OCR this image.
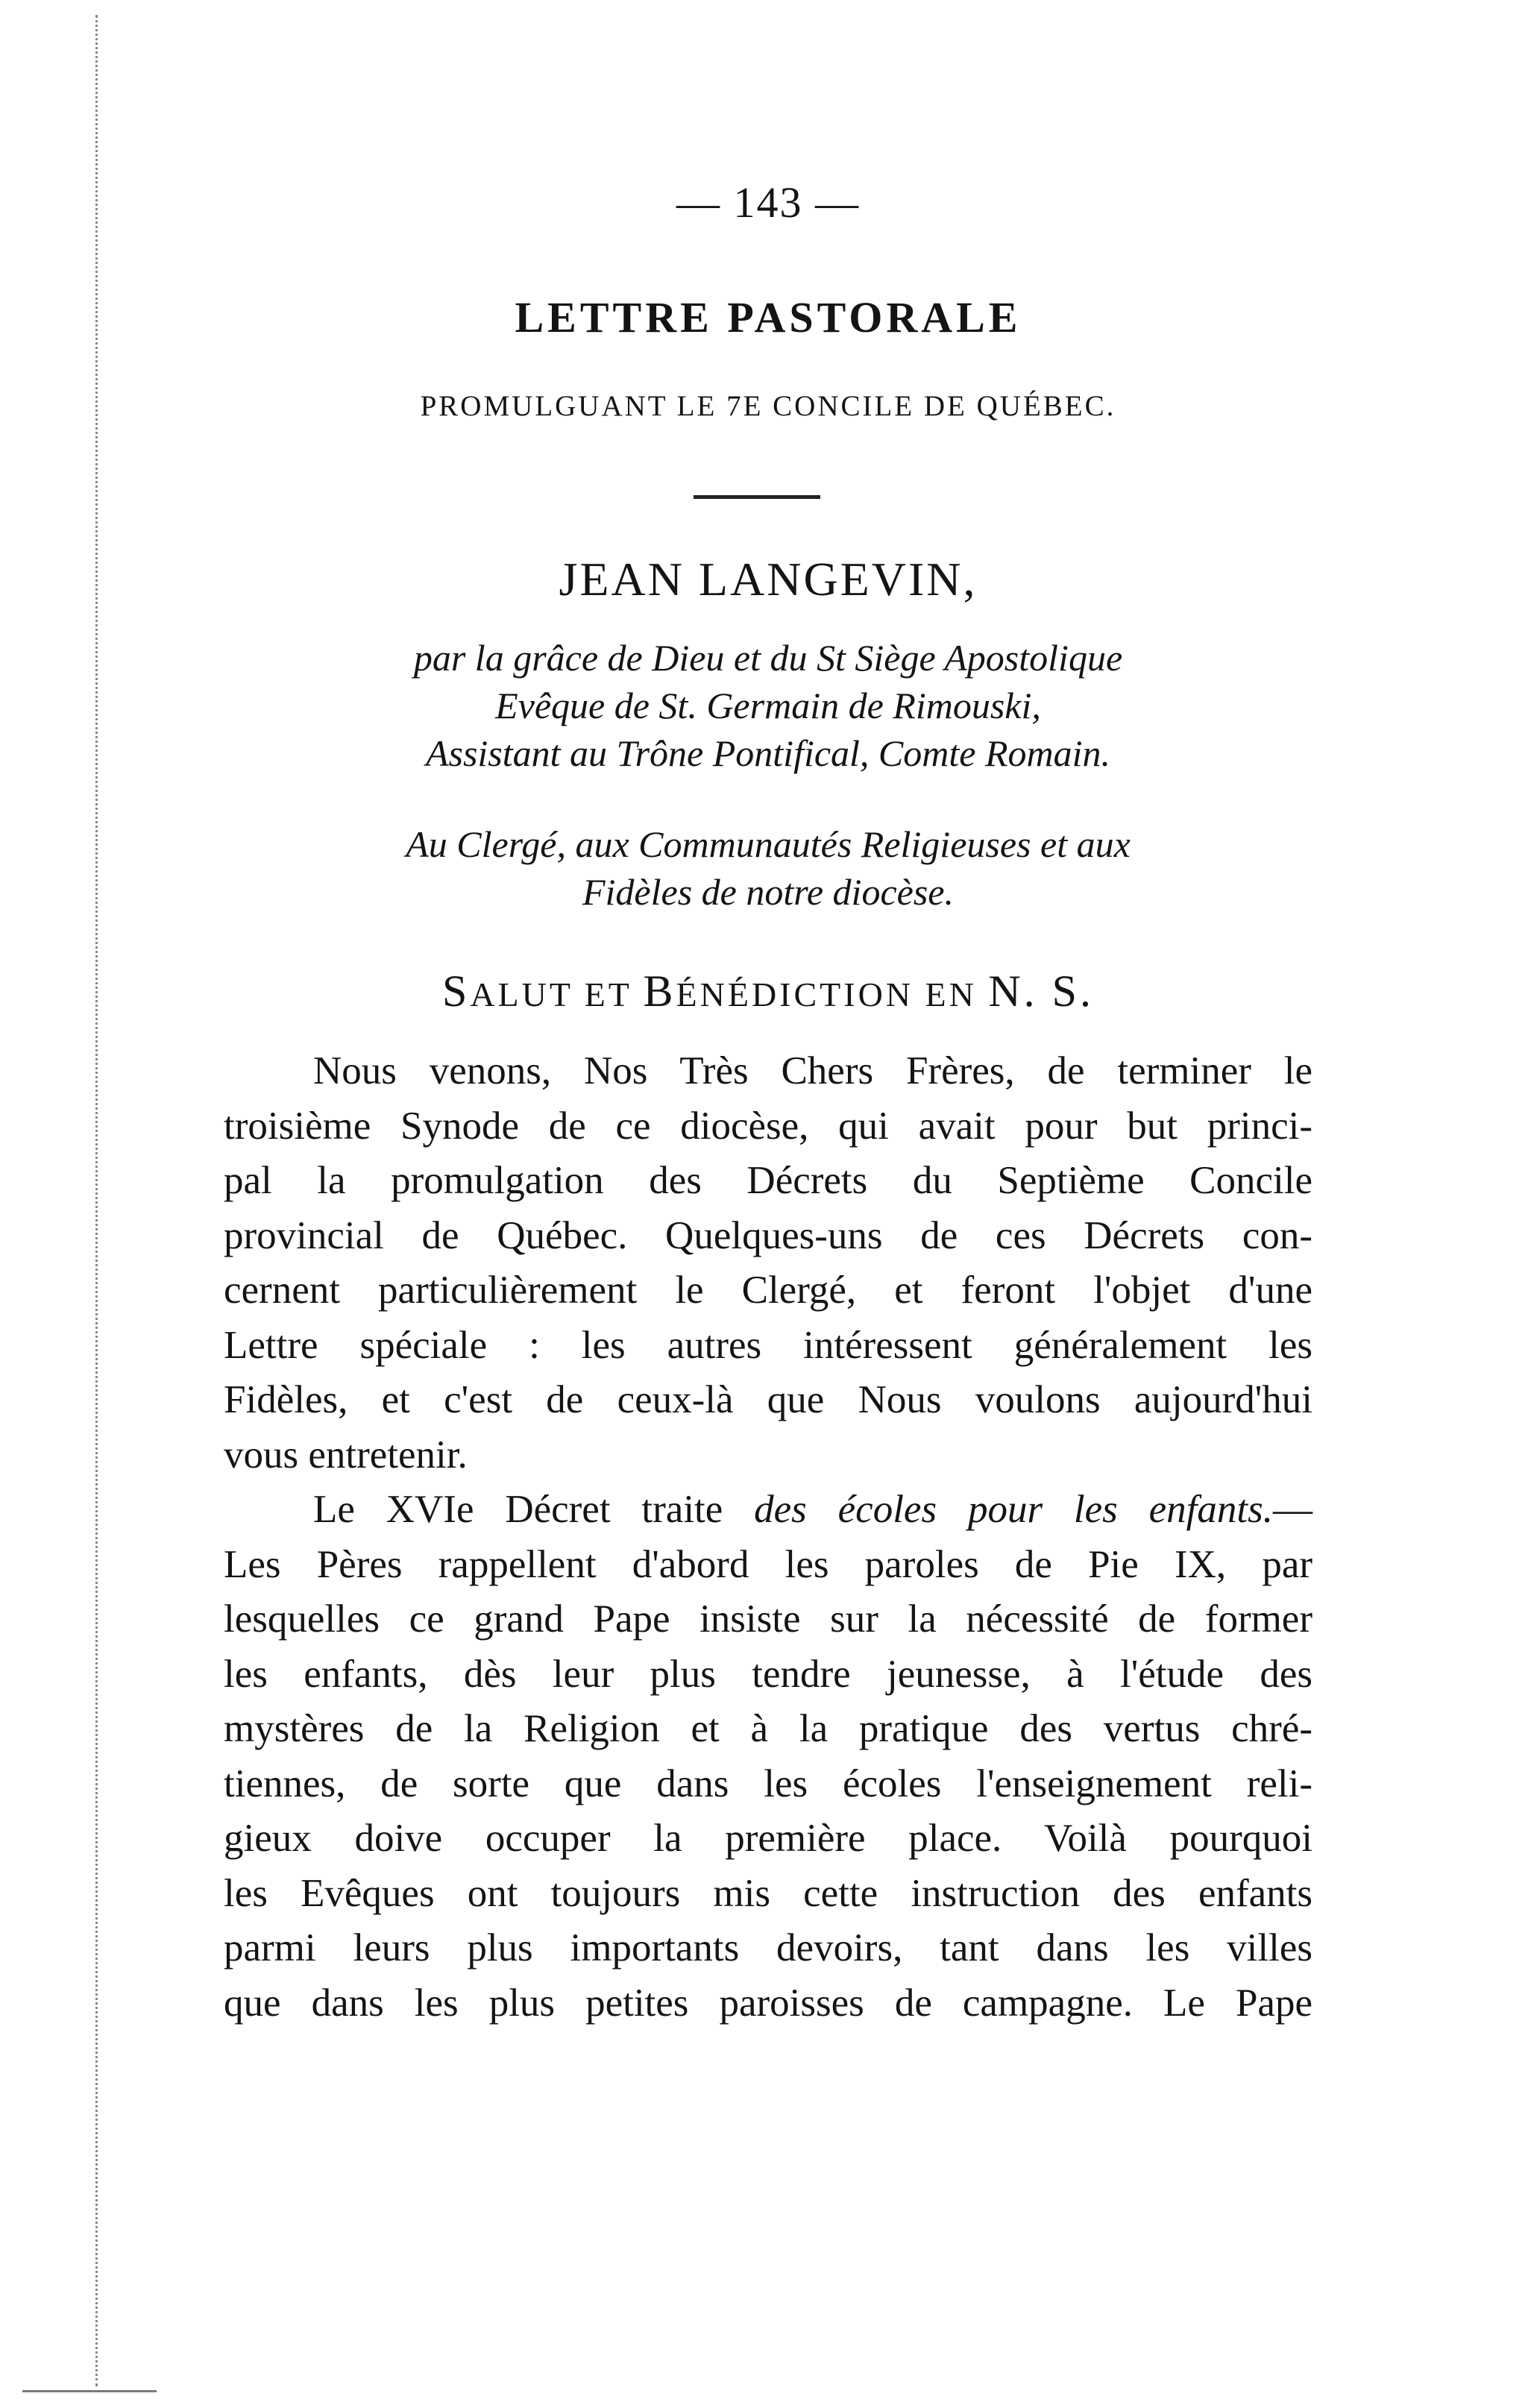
— 143 —
LETTRE PASTORALE
PROMULGUANT LE 7E CONCILE DE QUÉBEC.
JEAN LANGEVIN,
par la grâce de Dieu et du St Siège Apostolique
Evêque de St. Germain de Rimouski,
Assistant au Trône Pontifical, Comte Romain.
Au Clergé, aux Communautés Religieuses et aux
Fidèles de notre diocèse.
SALUT ET BÉNÉDICTION EN N. S.
Nous venons, Nos Très Chers Frères, de terminer le
troisième Synode de ce diocèse, qui avait pour but princi-
pal la promulgation des Décrets du Septième Concile
provincial de Québec. Quelques-uns de ces Décrets con-
cernent particulièrement le Clergé, et feront l'objet d'une
Lettre spéciale : les autres intéressent généralement les
Fidèles, et c'est de ceux-là que Nous voulons aujourd'hui
vous entretenir.
Le XVIe Décret traite des écoles pour les enfants.—
Les Pères rappellent d'abord les paroles de Pie IX, par
lesquelles ce grand Pape insiste sur la nécessité de former
les enfants, dès leur plus tendre jeunesse, à l'étude des
mystères de la Religion et à la pratique des vertus chré-
tiennes, de sorte que dans les écoles l'enseignement reli-
gieux doive occuper la première place. Voilà pourquoi
les Evêques ont toujours mis cette instruction des enfants
parmi leurs plus importants devoirs, tant dans les villes
que dans les plus petites paroisses de campagne. Le Pape
